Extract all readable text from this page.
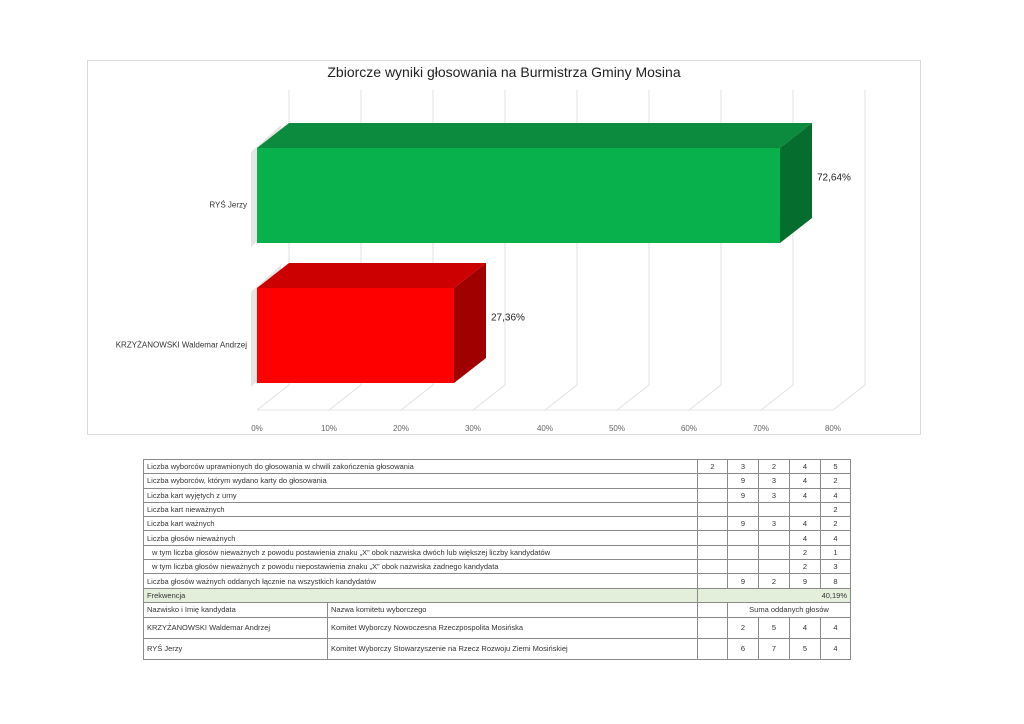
Zbiorcze wyniki głosowania na Burmistrza Gminy Mosina
0%	10%	20%	30%	40%	50%	60%	70%	80%
72,64%
RYŚ Jerzy
27,36%
KRZYŻANOWSKI Waldemar Andrzej
Liczba wyborców uprawnionych do głosowania w chwili zakończenia głosowania		2	3	2	4	5
Liczba wyborców, którym wydano karty do głosowania			9	3	4	2
Liczba kart wyjętych z urny			9	3	4	4
Liczba kart nieważnych						2
Liczba kart ważnych			9	3	4	2
Liczba głosów nieważnych					4	4
w tym liczba głosów nieważnych z powodu postawienia znaku „X” obok nazwiska dwóch lub większej liczby kandydatów					2	1
w tym liczba głosów nieważnych z powodu niepostawienia znaku „X” obok nazwiska żadnego kandydata					2	3
Liczba głosów ważnych oddanych łącznie na wszystkich kandydatów			9	2	9	8
Frekwencja		40,19%				
Nazwisko i Imię kandydata	Nazwa komitetu wyborczego		Suma oddanych głosów			
KRZYŻANOWSKI Waldemar Andrzej	Komitet Wyborczy Nowoczesna Rzeczpospolita Mosińska		2	5	4	4
RYŚ Jerzy	Komitet Wyborczy Stowarzyszenie na Rzecz Rozwoju Ziemi Mosińskiej		6	7	5	4
